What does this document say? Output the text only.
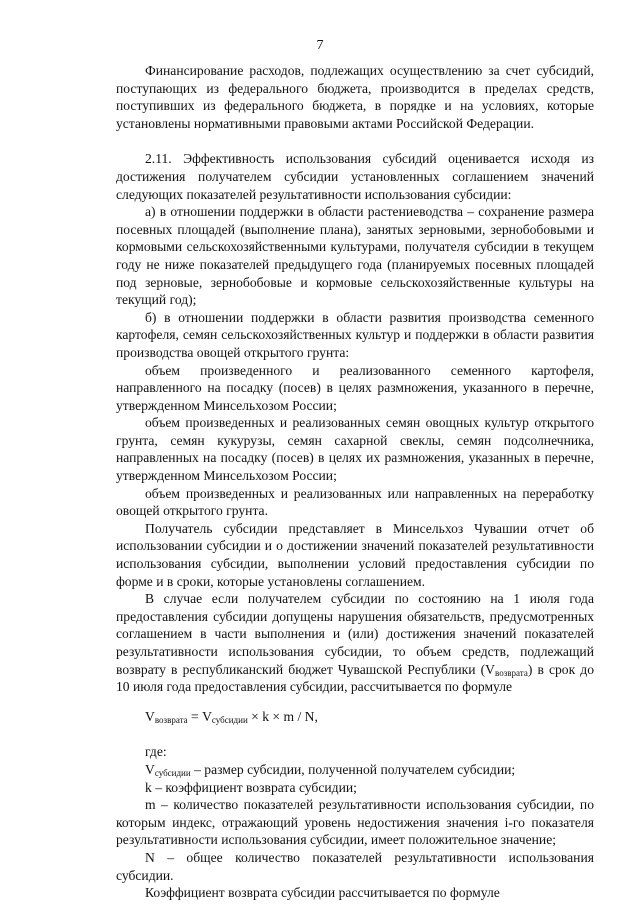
7

Финансирование расходов, подлежащих осуществлению за счет субсидий, поступающих из федерального бюджета, производится в пределах средств, поступивших из федерального бюджета, в порядке и на условиях, которые установлены нормативными правовыми актами Российской Федерации.

2.11. Эффективность использования субсидий оценивается исходя из достижения получателем субсидии установленных соглашением значений следующих показателей результативности использования субсидии:

а) в отношении поддержки в области растениеводства – сохранение размера посевных площадей (выполнение плана), занятых зерновыми, зернобобовыми и кормовыми сельскохозяйственными культурами, получателя субсидии в текущем году не ниже показателей предыдущего года (планируемых посевных площадей под зерновые, зернобобовые и кормовые сельскохозяйственные культуры на текущий год);

б) в отношении поддержки в области развития производства семенного картофеля, семян сельскохозяйственных культур и поддержки в области развития производства овощей открытого грунта:

объем произведенного и реализованного семенного картофеля, направленного на посадку (посев) в целях размножения, указанного в перечне, утвержденном Минсельхозом России;

объем произведенных и реализованных семян овощных культур открытого грунта, семян кукурузы, семян сахарной свеклы, семян подсолнечника, направленных на посадку (посев) в целях их размножения, указанных в перечне, утвержденном Минсельхозом России;

объем произведенных и реализованных или направленных на переработку овощей открытого грунта.

Получатель субсидии представляет в Минсельхоз Чувашии отчет об использовании субсидии и о достижении значений показателей результативности использования субсидии, выполнении условий предоставления субсидии по форме и в сроки, которые установлены соглашением.

В случае если получателем субсидии по состоянию на 1 июля года предоставления субсидии допущены нарушения обязательств, предусмотренных соглашением в части выполнения и (или) достижения значений показателей результативности использования субсидии, то объем средств, подлежащий возврату в республиканский бюджет Чувашской Республики $(V_{возврата})$ в срок до 10 июля года предоставления субсидии, рассчитывается по формуле

$V_{возврата} = V_{субсидии} \times k \times m / N$,

где:

$V_{субсидии}$ – размер субсидии, полученной получателем субсидии;

k – коэффициент возврата субсидии;

m – количество показателей результативности использования субсидии, по которым индекс, отражающий уровень недостижения значения i-го показателя результативности использования субсидии, имеет положительное значение;

N – общее количество показателей результативности использования субсидии.

Коэффициент возврата субсидии рассчитывается по формуле
